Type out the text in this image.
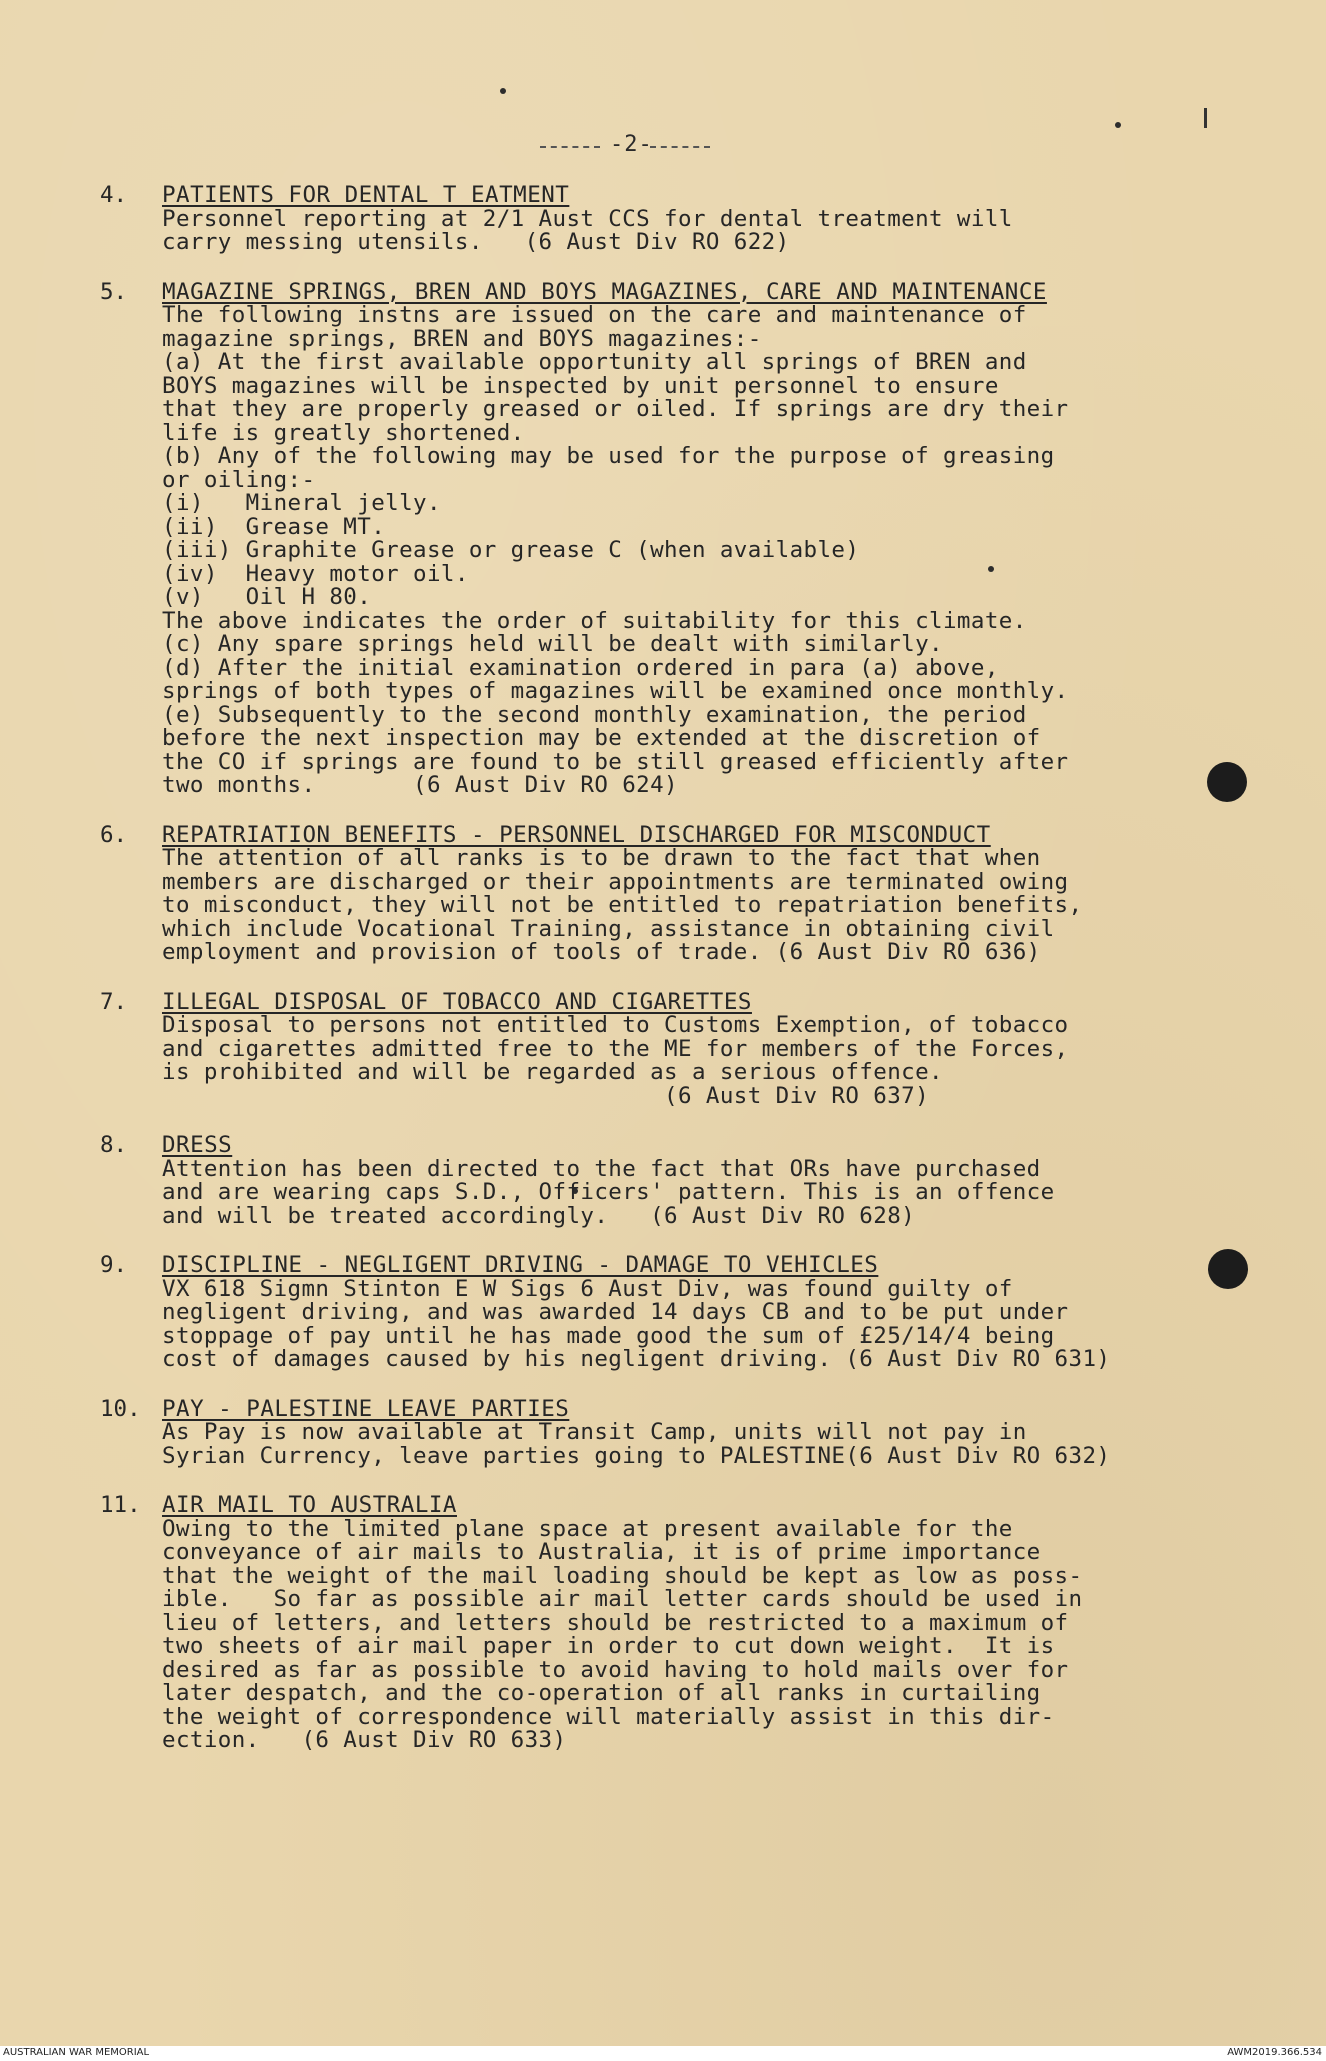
-2-
4.	PATIENTS FOR DENTAL T EATMENT
Personnel reporting at 2/1 Aust CCS for dental treatment will
carry messing utensils.   (6 Aust Div RO 622)
5.	MAGAZINE SPRINGS, BREN AND BOYS MAGAZINES, CARE AND MAINTENANCE
The following instns are issued on the care and maintenance of
magazine springs, BREN and BOYS magazines:-
(a) At the first available opportunity all springs of BREN and
BOYS magazines will be inspected by unit personnel to ensure
that they are properly greased or oiled. If springs are dry their
life is greatly shortened.
(b) Any of the following may be used for the purpose of greasing
or oiling:-
(i)   Mineral jelly.
(ii)  Grease MT.
(iii) Graphite Grease or grease C (when available)
(iv)  Heavy motor oil.
(v)   Oil H 80.
The above indicates the order of suitability for this climate.
(c) Any spare springs held will be dealt with similarly.
(d) After the initial examination ordered in para (a) above,
springs of both types of magazines will be examined once monthly.
(e) Subsequently to the second monthly examination, the period
before the next inspection may be extended at the discretion of
the CO if springs are found to be still greased efficiently after
two months.       (6 Aust Div RO 624)
6.	REPATRIATION BENEFITS - PERSONNEL DISCHARGED FOR MISCONDUCT
The attention of all ranks is to be drawn to the fact that when
members are discharged or their appointments are terminated owing
to misconduct, they will not be entitled to repatriation benefits,
which include Vocational Training, assistance in obtaining civil
employment and provision of tools of trade. (6 Aust Div RO 636)
7.	ILLEGAL DISPOSAL OF TOBACCO AND CIGARETTES
Disposal to persons not entitled to Customs Exemption, of tobacco
and cigarettes admitted free to the ME for members of the Forces,
is prohibited and will be regarded as a serious offence.
(6 Aust Div RO 637)
8.	DRESS
Attention has been directed to the fact that ORs have purchased
and are wearing caps S.D., Officers' pattern. This is an offence
and will be treated accordingly.   (6 Aust Div RO 628)
9.	DISCIPLINE - NEGLIGENT DRIVING - DAMAGE TO VEHICLES
VX 618 Sigmn Stinton E W Sigs 6 Aust Div, was found guilty of
negligent driving, and was awarded 14 days CB and to be put under
stoppage of pay until he has made good the sum of £25/14/4 being
cost of damages caused by his negligent driving. (6 Aust Div RO 631)
10. PAY - PALESTINE LEAVE PARTIES
As Pay is now available at Transit Camp, units will not pay in
Syrian Currency, leave parties going to PALESTINE(6 Aust Div RO 632)
11. AIR MAIL TO AUSTRALIA
Owing to the limited plane space at present available for the
conveyance of air mails to Australia, it is of prime importance
that the weight of the mail loading should be kept as low as poss-
ible.   So far as possible air mail letter cards should be used in
lieu of letters, and letters should be restricted to a maximum of
two sheets of air mail paper in order to cut down weight.  It is
desired as far as possible to avoid having to hold mails over for
later despatch, and the co-operation of all ranks in curtailing
the weight of correspondence will materially assist in this dir-
ection.   (6 Aust Div RO 633)
AUSTRALIAN WAR MEMORIAL	AWM2019.366.534
